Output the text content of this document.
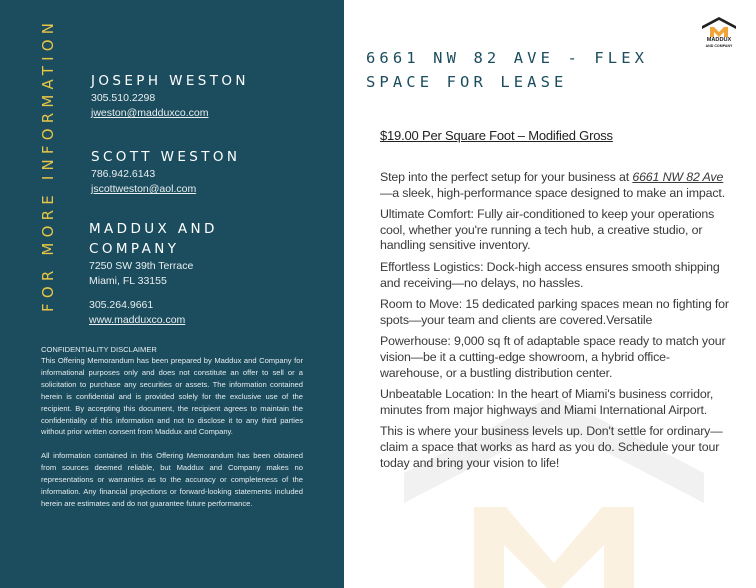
FOR MORE INFORMATION	JOSEPH WESTON
305.510.2298
jweston@madduxco.com
SCOTT WESTON
786.942.6143
jscottweston@aol.com
MADDUX AND
COMPANY
7250 SW 39th Terrace
Miami, FL 33155
305.264.9661
www.madduxco.com
CONFIDENTIALITY DISCLAIMER

This Offering Memorandum has been prepared by Maddux and Company for informational purposes only and does not constitute an offer to sell or a solicitation to purchase any securities or assets. The information contained herein is confidential and is provided solely for the exclusive use of the recipient. By accepting this document, the recipient agrees to maintain the confidentiality of this information and not to disclose it to any third parties without prior written consent from Maddux and Company.

All information contained in this Offering Memorandum has been obtained from sources deemed reliable, but Maddux and Company makes no representations or warranties as to the accuracy or completeness of the information. Any financial projections or forward-looking statements included herein are estimates and do not guarantee future performance.

MADDUX
AND COMPANY
6661 NW 82 AVE - FLEX SPACE FOR LEASE
$19.00 Per Square Foot – Modified Gross

Step into the perfect setup for your business at 6661 NW 82 Ave—a sleek, high-performance space designed to make an impact.

Ultimate Comfort: Fully air-conditioned to keep your operations cool, whether you're running a tech hub, a creative studio, or handling sensitive inventory.

Effortless Logistics: Dock-high access ensures smooth shipping and receiving—no delays, no hassles.

Room to Move: 15 dedicated parking spaces mean no fighting for spots—your team and clients are covered.Versatile

Powerhouse: 9,000 sq ft of adaptable space ready to match your vision—be it a cutting-edge showroom, a hybrid office-warehouse, or a bustling distribution center.

Unbeatable Location: In the heart of Miami's business corridor, minutes from major highways and Miami International Airport.

This is where your business levels up. Don't settle for ordinary—claim a space that works as hard as you do. Schedule your tour today and bring your vision to life!
